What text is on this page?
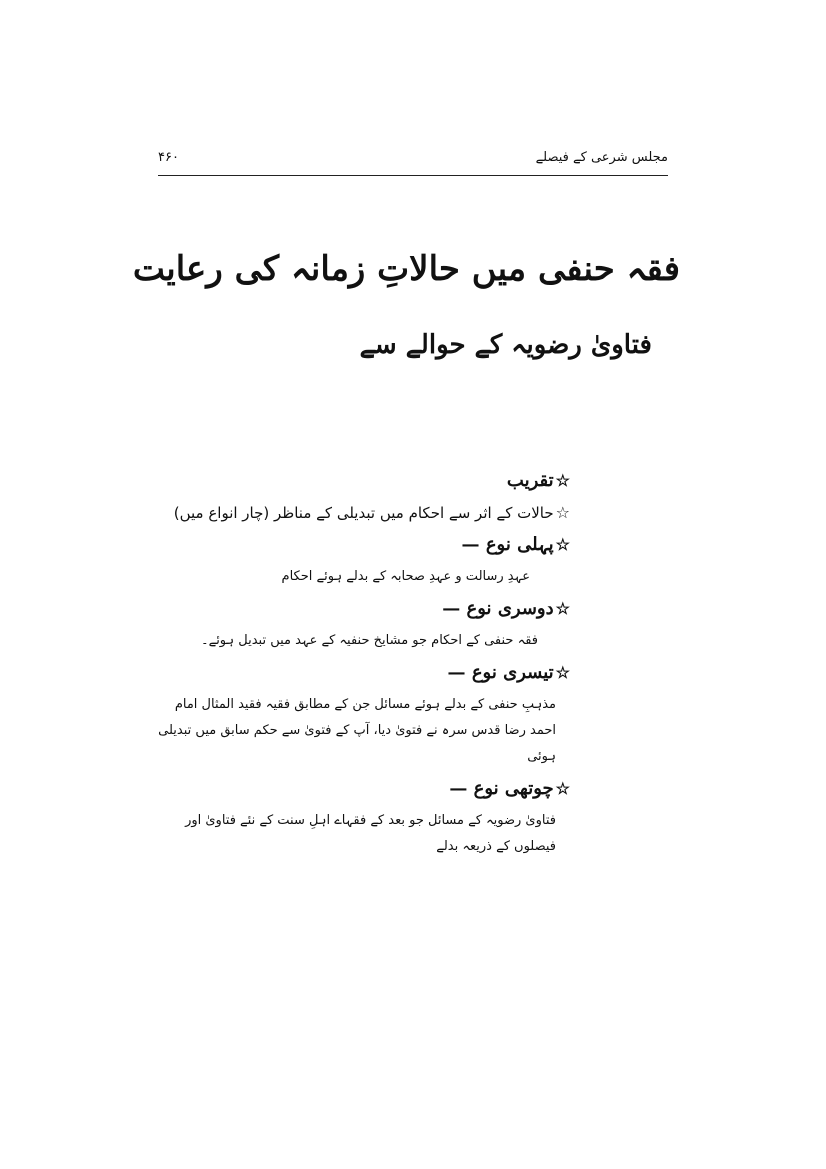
مجلس شرعی کے فیصلے
۴۶۰
فقہ حنفی میں حالاتِ زمانہ کی رعایت
فتاویٰ رضویہ کے حوالے سے
☆تقریب
☆حالات کے اثر سے احکام میں تبدیلی کے مناظر (چار انواع میں)
☆پہلی نوع —
عہدِ رسالت و عہدِ صحابہ کے بدلے ہوئے احکام
☆دوسری نوع —
فقہ حنفی کے احکام جو مشایخ حنفیہ کے عہد میں تبدیل ہوئے۔
☆تیسری نوع —
مذہبِ حنفی کے بدلے ہوئے مسائل جن کے مطابق فقیہ فقید المثال امام احمد رضا قدس سرہ نے فتویٰ دیا، آپ کے فتویٰ سے حکم سابق میں تبدیلی ہوئی
☆چوتھی نوع —
فتاویٰ رضویہ کے مسائل جو بعد کے فقہاے اہلِ سنت کے نئے فتاویٰ اور فیصلوں کے ذریعہ بدلے
